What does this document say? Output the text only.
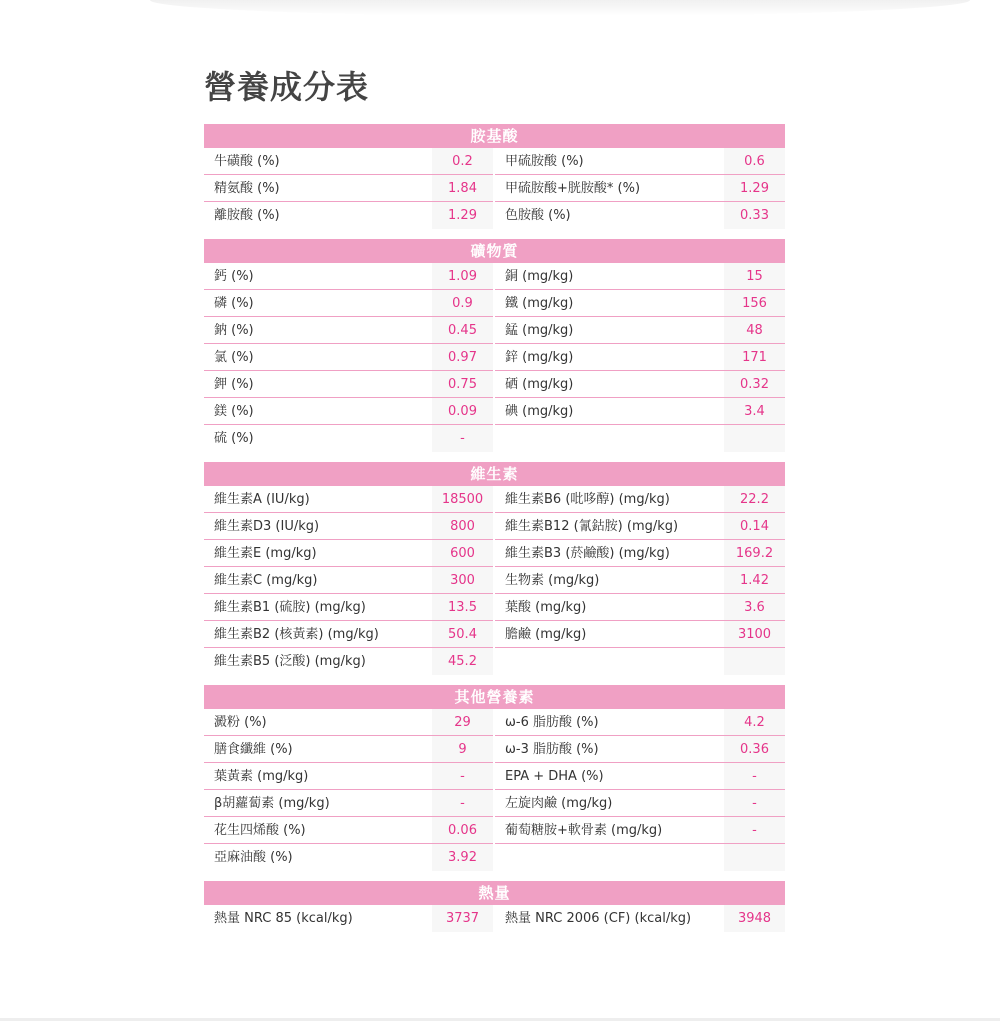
營養成分表
胺基酸
牛磺酸 (%)	0.2	甲硫胺酸 (%)	0.6
精氨酸 (%)	1.84	甲硫胺酸+胱胺酸* (%)	1.29
離胺酸 (%)	1.29	色胺酸 (%)	0.33
礦物質
鈣 (%)	1.09	銅 (mg/kg)	15
磷 (%)	0.9	鐵 (mg/kg)	156
鈉 (%)	0.45	錳 (mg/kg)	48
氯 (%)	0.97	鋅 (mg/kg)	171
鉀 (%)	0.75	硒 (mg/kg)	0.32
鎂 (%)	0.09	碘 (mg/kg)	3.4
硫 (%)	-
維生素
維生素A (IU/kg)	18500	維生素B6 (吡哆醇) (mg/kg)	22.2
維生素D3 (IU/kg)	800	維生素B12 (氰鈷胺) (mg/kg)	0.14
維生素E (mg/kg)	600	維生素B3 (菸鹼酸) (mg/kg)	169.2
維生素C (mg/kg)	300	生物素 (mg/kg)	1.42
維生素B1 (硫胺) (mg/kg)	13.5	葉酸 (mg/kg)	3.6
維生素B2 (核黃素) (mg/kg)	50.4	膽鹼 (mg/kg)	3100
維生素B5 (泛酸) (mg/kg)	45.2
其他營養素
澱粉 (%)	29	ω-6 脂肪酸 (%)	4.2
膳食纖維 (%)	9	ω-3 脂肪酸 (%)	0.36
葉黃素 (mg/kg)	-	EPA + DHA (%)	-
β胡蘿蔔素 (mg/kg)	-	左旋肉鹼 (mg/kg)	-
花生四烯酸 (%)	0.06	葡萄糖胺+軟骨素 (mg/kg)	-
亞麻油酸 (%)	3.92
熱量
熱量 NRC 85 (kcal/kg)	3737	熱量 NRC 2006 (CF) (kcal/kg)	3948
